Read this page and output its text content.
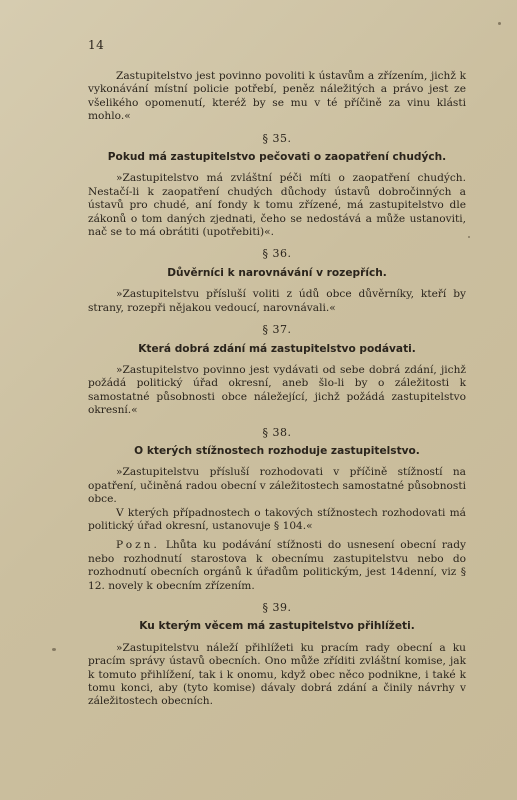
14

Zastupitelstvo jest povinno povoliti k ústavům a zřízením, jichž k vykonávání místní policie potřebí, peněz náležitých a právo jest ze všelikého opomenutí, kteréž by se mu v té příčině za vinu klásti mohlo.«

§ 35.
Pokud má zastupitelstvo pečovati o zaopatření chudých.

»Zastupitelstvo má zvláštní péči míti o zaopatření chudých. Nestačí-li k zaopatření chudých důchody ústavů dobročinných a ústavů pro chudé, aní fondy k tomu zřízené, má zastupitelstvo dle zákonů o tom daných zjednati, čeho se nedostává a může ustanoviti, nač se to má obrátiti (upotřebiti)«.

§ 36.
Důvěrníci k narovnávání v rozepřích.

»Zastupitelstvu přísluší voliti z údů obce důvěrníky, kteří by strany, rozepři nějakou vedoucí, narovnávali.«

§ 37.
Která dobrá zdání má zastupitelstvo podávati.

»Zastupitelstvo povinno jest vydávati od sebe dobrá zdání, jichž požádá politický úřad okresní, aneb šlo-li by o záležitosti k samostatné působnosti obce náležející, jichž požádá zastupitelstvo okresní.«

§ 38.
O kterých stížnostech rozhoduje zastupitelstvo.

»Zastupitelstvu přísluší rozhodovati v příčině stížností na opatření, učiněná radou obecní v záležitostech samostatné působnosti obce.

V kterých případnostech o takových stížnostech rozhodovati má politický úřad okresní, ustanovuje § 104.«

Pozn. Lhůta ku podávání stížnosti do usnesení obecní rady nebo rozhodnutí starostova k obecnímu zastupitelstvu nebo do rozhodnutí obecních orgánů k úřadům politickým, jest 14denní, viz § 12. novely k obecním zřízením.

§ 39.
Ku kterým věcem má zastupitelstvo přihlížeti.

»Zastupitelstvu náleží přihlížeti ku pracím rady obecní a ku pracím správy ústavů obecních. Ono může zříditi zvláštní komise, jak k tomuto přihlížení, tak i k onomu, když obec něco podnikne, i také k tomu konci, aby (tyto komise) dávaly dobrá zdání a činily návrhy v záležitostech obecních.
